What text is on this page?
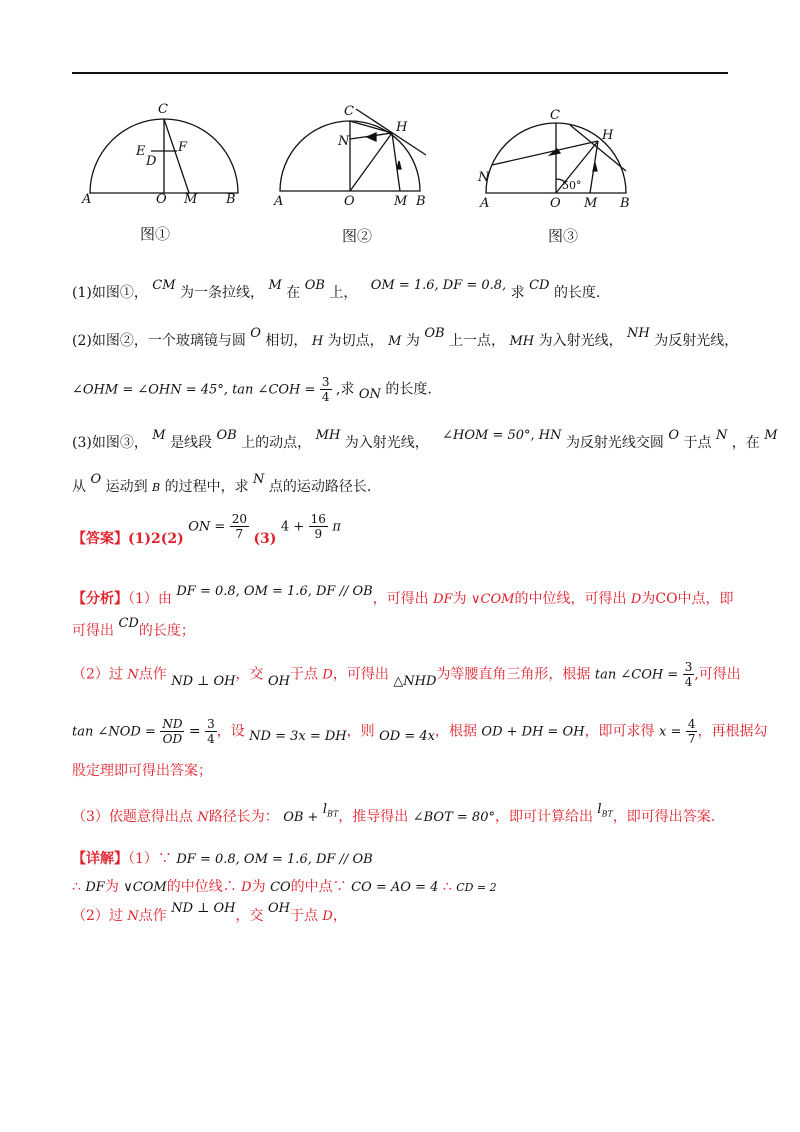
C
E
D
F
A	O M B
C
N
H
A	O	M B
C
H
N
50°
A	O M B
图①	图②	图③
(1)如图①， CM 为一条拉线， M 在 OB 上， OM = 1.6, DF = 0.8, 求 CD 的长度.
(2)如图②，一个玻璃镜与圆 O 相切， H 为切点， M 为 OB 上一点， MH 为入射光线， NH 为反射光线，
∠OHM = ∠OHN = 45°, tan ∠COH = $\frac{3}{4}$ ,求 ON 的长度.
(3)如图③， M 是线段 OB 上的动点， MH 为入射光线， ∠HOM = 50°, HN 为反射光线交圆 O 于点 N ，在 M
从 O 运动到 B 的过程中，求 N 点的运动路径长.
【答案】(1)2(2) ON = $\frac{20}{7} (3) 4 + \frac{16}{9}$ π
【分析】（1）由 DF = 0.8, OM = 1.6, DF // OB，可得出 DF为 ∨COM的中位线，可得出 D为CO中点，即
可得出 CD的长度；
（2）过 N点作 ND ⊥ OH，交 OH于点 D，可得出 △NHD为等腰直角三角形，根据 tan ∠COH = $\frac{3}{4}$ ,可得出
tan ∠NOD = $\frac{ND}{OD} = \frac{3}{4}$ ，设 ND = 3x = DH，则 OD = 4x，根据 OD + DH = OH，即可求得 $x = \frac{4}{7}$ ，再根据勾
股定理即可得出答案；
（3）依题意得出点 N路径长为： OB + $l_{BT}$，推导得出 ∠BOT = 80°，即可计算给出 $l_{BT}$，即可得出答案.
【详解】（1）∵ DF = 0.8, OM = 1.6, DF // OB
∴ DF为 ∨COM的中位线∴ D为 CO的中点∵ CO = AO = 4 ∴ CD = 2
（2）过 N点作 ND ⊥ OH，交 OH于点 D，
